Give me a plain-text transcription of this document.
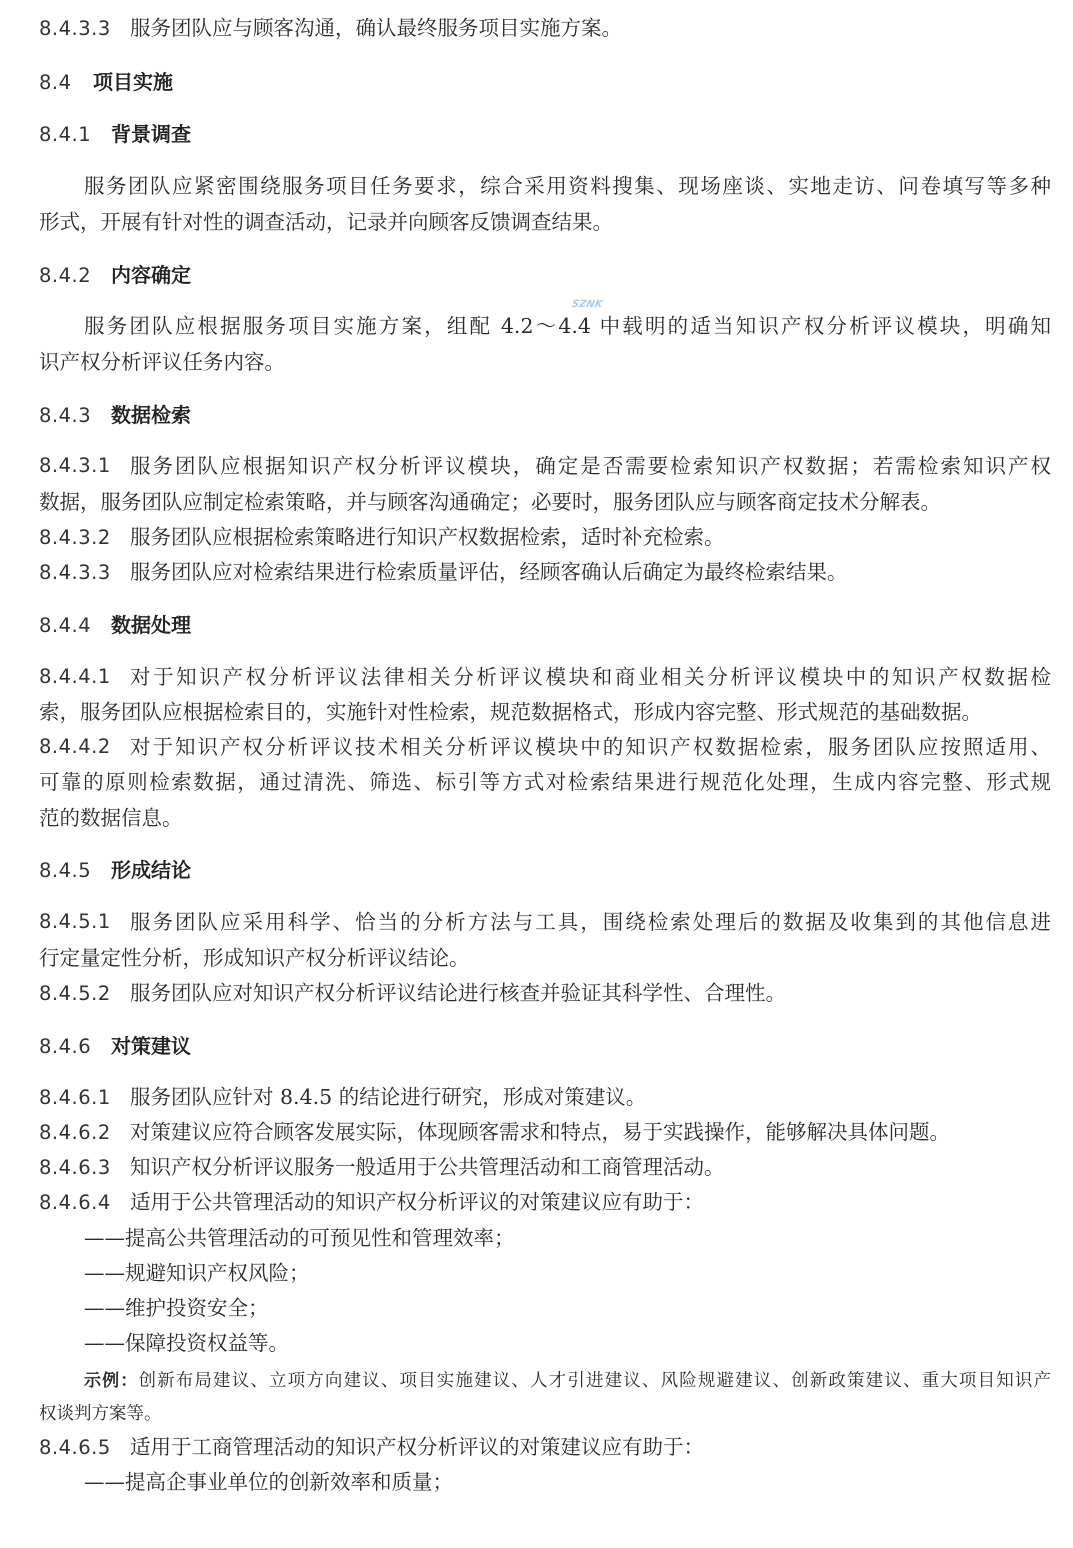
8.4.3.3 服务团队应与顾客沟通，确认最终服务项目实施方案。
8.4 项目实施
8.4.1 背景调查
服务团队应紧密围绕服务项目任务要求，综合采用资料搜集、现场座谈、实地走访、问卷填写等多种
形式，开展有针对性的调查活动，记录并向顾客反馈调查结果。
8.4.2 内容确定
服务团队应根据服务项目实施方案，组配 4.2～4.4 中载明的适当知识产权分析评议模块，明确知
识产权分析评议任务内容。
8.4.3 数据检索
8.4.3.1 服务团队应根据知识产权分析评议模块，确定是否需要检索知识产权数据；若需检索知识产权
数据，服务团队应制定检索策略，并与顾客沟通确定；必要时，服务团队应与顾客商定技术分解表。
8.4.3.2 服务团队应根据检索策略进行知识产权数据检索，适时补充检索。
8.4.3.3 服务团队应对检索结果进行检索质量评估，经顾客确认后确定为最终检索结果。
8.4.4 数据处理
8.4.4.1 对于知识产权分析评议法律相关分析评议模块和商业相关分析评议模块中的知识产权数据检
索，服务团队应根据检索目的，实施针对性检索，规范数据格式，形成内容完整、形式规范的基础数据。
8.4.4.2 对于知识产权分析评议技术相关分析评议模块中的知识产权数据检索，服务团队应按照适用、
可靠的原则检索数据，通过清洗、筛选、标引等方式对检索结果进行规范化处理，生成内容完整、形式规
范的数据信息。
8.4.5 形成结论
8.4.5.1 服务团队应采用科学、恰当的分析方法与工具，围绕检索处理后的数据及收集到的其他信息进
行定量定性分析，形成知识产权分析评议结论。
8.4.5.2 服务团队应对知识产权分析评议结论进行核查并验证其科学性、合理性。
8.4.6 对策建议
8.4.6.1 服务团队应针对 8.4.5 的结论进行研究，形成对策建议。
8.4.6.2 对策建议应符合顾客发展实际，体现顾客需求和特点，易于实践操作，能够解决具体问题。
8.4.6.3 知识产权分析评议服务一般适用于公共管理活动和工商管理活动。
8.4.6.4 适用于公共管理活动的知识产权分析评议的对策建议应有助于：
——提高公共管理活动的可预见性和管理效率；
——规避知识产权风险；
——维护投资安全；
——保障投资权益等。
示例：创新布局建议、立项方向建议、项目实施建议、人才引进建议、风险规避建议、创新政策建议、重大项目知识产
权谈判方案等。
8.4.6.5 适用于工商管理活动的知识产权分析评议的对策建议应有助于：
——提高企事业单位的创新效率和质量；
SZNK
